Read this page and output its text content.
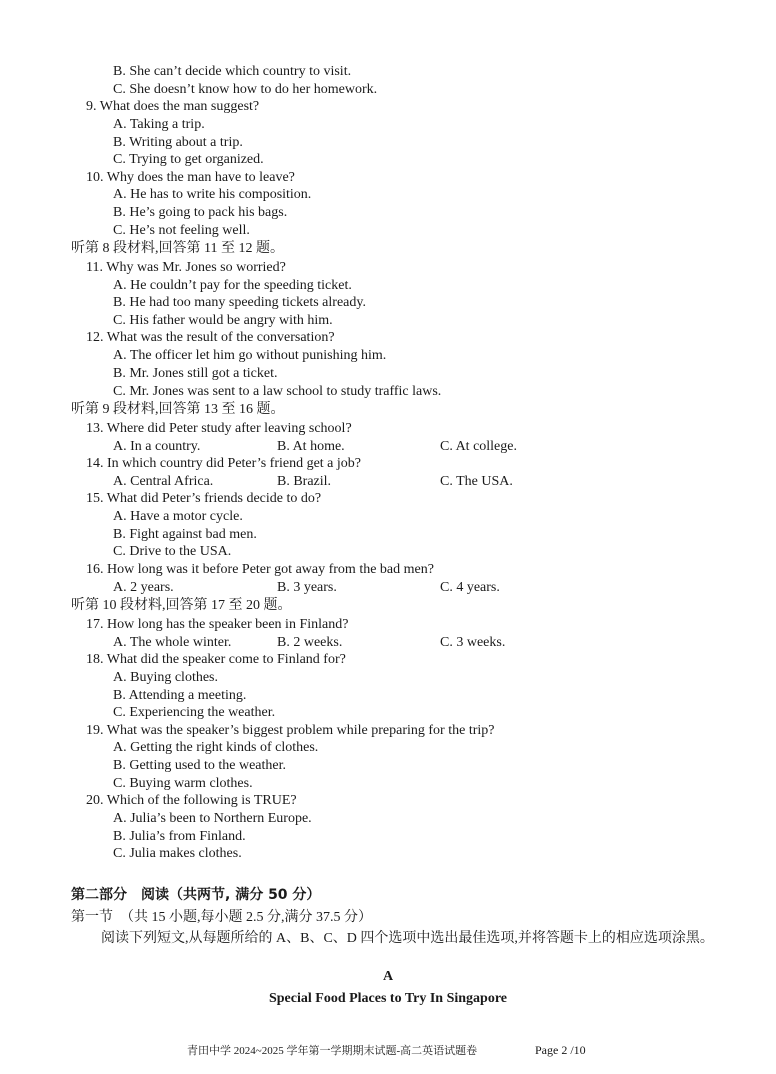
B. She can’t decide which country to visit.
C. She doesn’t know how to do her homework.
9. What does the man suggest?
A. Taking a trip.
B. Writing about a trip.
C. Trying to get organized.
10. Why does the man have to leave?
A. He has to write his composition.
B. He’s going to pack his bags.
C. He’s not feeling well.
听第 8 段材料,回答第 11 至 12 题。
11. Why was Mr. Jones so worried?
A. He couldn’t pay for the speeding ticket.
B. He had too many speeding tickets already.
C. His father would be angry with him.
12. What was the result of the conversation?
A. The officer let him go without punishing him.
B. Mr. Jones still got a ticket.
C. Mr. Jones was sent to a law school to study traffic laws.
听第 9 段材料,回答第 13 至 16 题。
13. Where did Peter study after leaving school?
A. In a country.	B. At home.	C. At college.
14. In which country did Peter’s friend get a job?
A. Central Africa.	B. Brazil.	C. The USA.
15. What did Peter’s friends decide to do?
A. Have a motor cycle.
B. Fight against bad men.
C. Drive to the USA.
16. How long was it before Peter got away from the bad men?
A. 2 years.	B. 3 years.	C. 4 years.
听第 10 段材料,回答第 17 至 20 题。
17. How long has the speaker been in Finland?
A. The whole winter.	B. 2 weeks.	C. 3 weeks.
18. What did the speaker come to Finland for?
A. Buying clothes.
B. Attending a meeting.
C. Experiencing the weather.
19. What was the speaker’s biggest problem while preparing for the trip?
A. Getting the right kinds of clothes.
B. Getting used to the weather.
C. Buying warm clothes.
20. Which of the following is TRUE?
A. Julia’s been to Northern Europe.
B. Julia’s from Finland.
C. Julia makes clothes.
第二部分　阅读（共两节, 满分 50 分）
第一节　（共 15 小题,每小题 2.5 分,满分 37.5 分）
阅读下列短文,从每题所给的 A、B、C、D 四个选项中选出最佳选项,并将答题卡上的相应选项涂黑。
A
Special Food Places to Try In Singapore
青田中学 2024~2025 学年第一学期期末试题-高二英语试题卷	Page 2 /10
